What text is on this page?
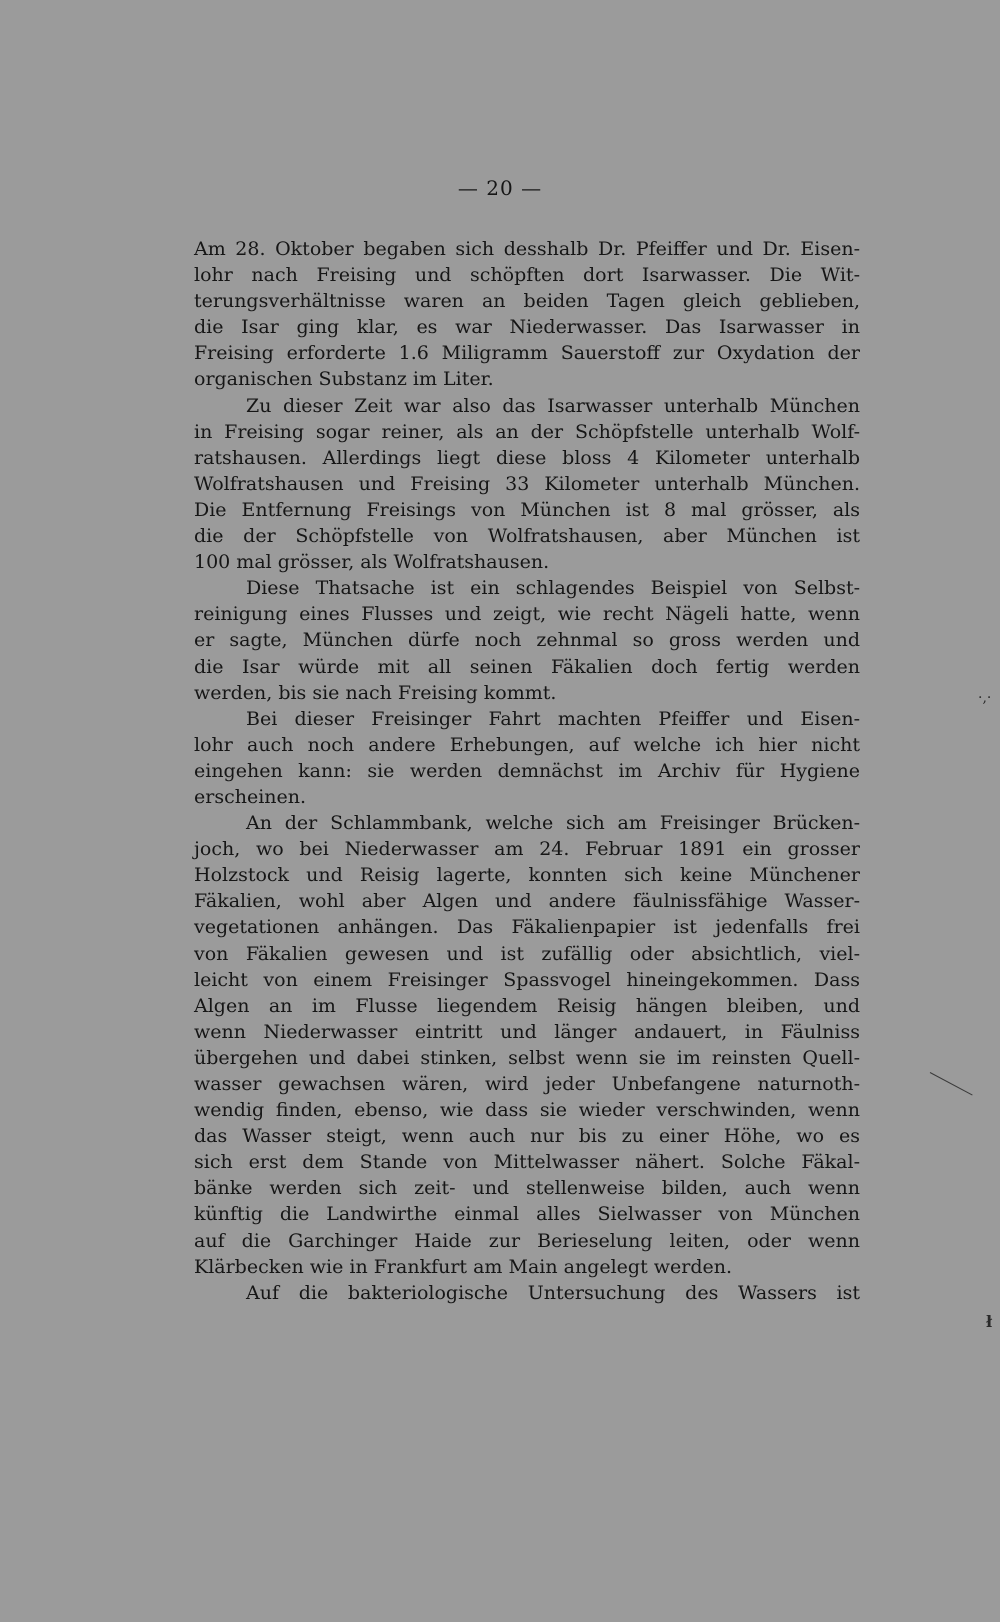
— 20 —
Am 28. Oktober begaben sich desshalb Dr. Pfeiffer und Dr. Eisen-
lohr nach Freising und schöpften dort Isarwasser. Die Wit-
terungsverhältnisse waren an beiden Tagen gleich geblieben,
die Isar ging klar, es war Niederwasser. Das Isarwasser in
Freising erforderte 1.6 Miligramm Sauerstoff zur Oxydation der
organischen Substanz im Liter.
Zu dieser Zeit war also das Isarwasser unterhalb München
in Freising sogar reiner, als an der Schöpfstelle unterhalb Wolf-
ratshausen. Allerdings liegt diese bloss 4 Kilometer unterhalb
Wolfratshausen und Freising 33 Kilometer unterhalb München.
Die Entfernung Freisings von München ist 8 mal grösser, als
die der Schöpfstelle von Wolfratshausen, aber München ist
100 mal grösser, als Wolfratshausen.
Diese Thatsache ist ein schlagendes Beispiel von Selbst-
reinigung eines Flusses und zeigt, wie recht Nägeli hatte, wenn
er sagte, München dürfe noch zehnmal so gross werden und
die Isar würde mit all seinen Fäkalien doch fertig werden
werden, bis sie nach Freising kommt.
Bei dieser Freisinger Fahrt machten Pfeiffer und Eisen-
lohr auch noch andere Erhebungen, auf welche ich hier nicht
eingehen kann: sie werden demnächst im Archiv für Hygiene
erscheinen.
An der Schlammbank, welche sich am Freisinger Brücken-
joch, wo bei Niederwasser am 24. Februar 1891 ein grosser
Holzstock und Reisig lagerte, konnten sich keine Münchener
Fäkalien, wohl aber Algen und andere fäulnissfähige Wasser-
vegetationen anhängen. Das Fäkalienpapier ist jedenfalls frei
von Fäkalien gewesen und ist zufällig oder absichtlich, viel-
leicht von einem Freisinger Spassvogel hineingekommen. Dass
Algen an im Flusse liegendem Reisig hängen bleiben, und
wenn Niederwasser eintritt und länger andauert, in Fäulniss
übergehen und dabei stinken, selbst wenn sie im reinsten Quell-
wasser gewachsen wären, wird jeder Unbefangene naturnoth-
wendig finden, ebenso, wie dass sie wieder verschwinden, wenn
das Wasser steigt, wenn auch nur bis zu einer Höhe, wo es
sich erst dem Stande von Mittelwasser nähert. Solche Fäkal-
bänke werden sich zeit- und stellenweise bilden, auch wenn
künftig die Landwirthe einmal alles Sielwasser von München
auf die Garchinger Haide zur Berieselung leiten, oder wenn
Klärbecken wie in Frankfurt am Main angelegt werden.
Auf die bakteriologische Untersuchung des Wassers ist
·,·
ł
